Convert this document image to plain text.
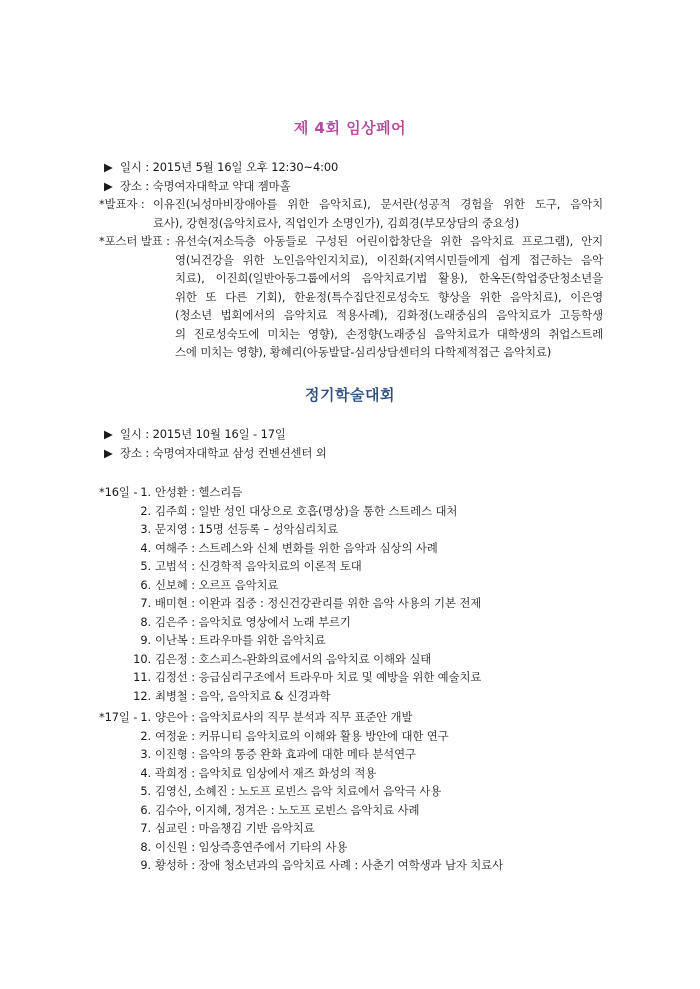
제 4회 임상페어
▶ 일시 : 2015년 5월 16일 오후 12:30~4:00
▶ 장소 : 숙명여자대학교 약대 젬마홀
*발표자 : 이유진(뇌성마비장애아를 위한 음악치료), 문서란(성공적 경험을 위한 도구, 음악치
료사), 강현정(음악치료사, 직업인가 소명인가), 김희경(부모상담의 중요성)
*포스터 발표 : 유선숙(저소득층 아동들로 구성된 어린이합창단을 위한 음악치료 프로그램), 안지
영(뇌건강을 위한 노인음악인지치료), 이진화(지역시민들에게 쉽게 접근하는 음악
치료), 이진희(일반아동그룹에서의 음악치료기법 활용), 한옥돈(학업중단청소년을
위한 또 다른 기회), 한윤정(특수집단진로성숙도 향상을 위한 음악치료), 이은영
(청소년 법회에서의 음악치료 적용사례), 김화정(노래중심의 음악치료가 고등학생
의 진로성숙도에 미치는 영향), 손정향(노래중심 음악치료가 대학생의 취업스트레
스에 미치는 영향), 황혜리(아동발달-심리상담센터의 다학제적접근 음악치료)
정기학술대회
▶ 일시 : 2015년 10월 16일 - 17일
▶ 장소 : 숙명여자대학교 삼성 컨벤션센터 외
*16일 - 1. 안성환 : 헬스리듬
2. 김주희 : 일반 성인 대상으로 호흡(명상)을 통한 스트레스 대처
3. 문지영 : 15명 선등록 – 성악심리치료
4. 여해주 : 스트레스와 신체 변화를 위한 음악과 심상의 사례
5. 고범석 : 신경학적 음악치료의 이론적 토대
6. 신보혜 : 오르프 음악치료
7. 배미현 : 이완과 집중 : 정신건강관리를 위한 음악 사용의 기본 전제
8. 김은주 : 음악치료 영상에서 노래 부르기
9. 이난복 : 트라우마를 위한 음악치료
10. 김은정 : 호스피스-완화의료에서의 음악치료 이해와 실태
11. 김정선 : 응급심리구조에서 트라우마 치료 및 예방을 위한 예술치료
12. 최병철 : 음악, 음악치료 & 신경과학
*17일 - 1. 양은아 : 음악치료사의 직무 분석과 직무 표준안 개발
2. 여정윤 : 커뮤니티 음악치료의 이해와 활용 방안에 대한 연구
3. 이진형 : 음악의 통증 완화 효과에 대한 메타 분석연구
4. 곽희정 : 음악치료 임상에서 재즈 화성의 적용
5. 김영신, 소혜진 : 노도프 로빈스 음악 치료에서 음악극 사용
6. 김수아, 이지혜, 정겨은 : 노도프 로빈스 음악치료 사례
7. 심교린 : 마음챙김 기반 음악치료
8. 이신원 : 임상즉흥연주에서 기타의 사용
9. 황성하 : 장애 청소년과의 음악치료 사례 : 사춘기 여학생과 남자 치료사
